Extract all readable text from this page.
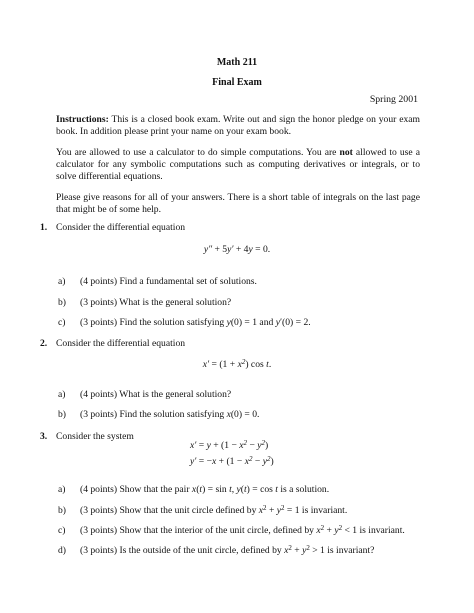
Math 211
Final Exam
Spring 2001
Instructions: This is a closed book exam. Write out and sign the honor pledge on your exam book. In addition please print your name on your exam book.
You are allowed to use a calculator to do simple computations. You are not allowed to use a calculator for any symbolic computations such as computing derivatives or integrals, or to solve differential equations.
Please give reasons for all of your answers. There is a short table of integrals on the last page that might be of some help.
1. Consider the differential equation
y″ + 5y′ + 4y = 0.
a) (4 points) Find a fundamental set of solutions.
b) (3 points) What is the general solution?
c) (3 points) Find the solution satisfying y(0) = 1 and y′(0) = 2.
2. Consider the differential equation
$x' = (1 + x^2)$ cos t.
a) (4 points) What is the general solution?
b) (3 points) Find the solution satisfying x(0) = 0.
3. Consider the system
$x' = y + (1 - x^2 - y^2)$
$y' = -x + (1 - x^2 - y^2)$
a) (4 points) Show that the pair x(t) = sin t, y(t) = cos t is a solution.
b) (3 points) Show that the unit circle defined by $x^2 + y^2 = 1$ is invariant.
c) (3 points) Show that the interior of the unit circle, defined by $x^2 + y^2 < 1$ is invariant.
d) (3 points) Is the outside of the unit circle, defined by $x^2 + y^2 > 1$ is invariant?
